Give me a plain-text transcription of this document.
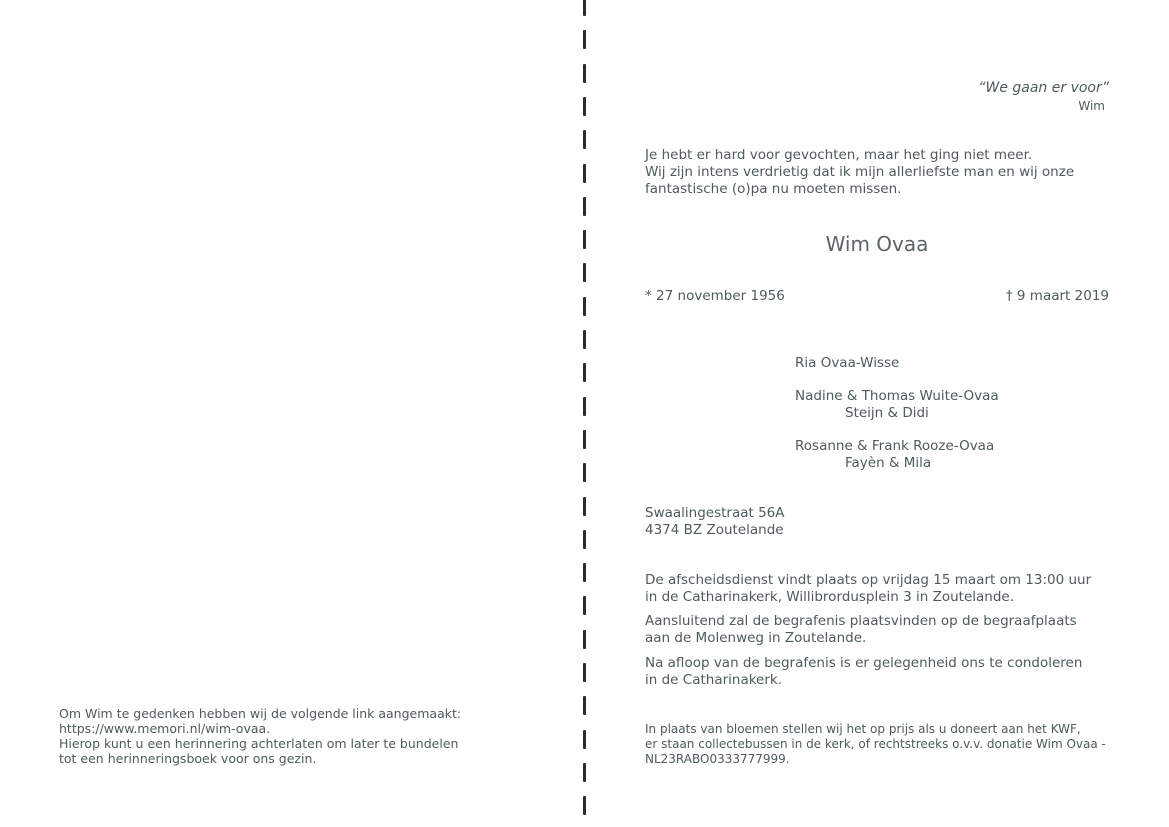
Om Wim te gedenken hebben wij de volgende link aangemaakt:
https://www.memori.nl/wim-ovaa.
Hierop kunt u een herinnering achterlaten om later te bundelen
tot een herinneringsboek voor ons gezin.
“We gaan er voor”
Wim
Je hebt er hard voor gevochten, maar het ging niet meer.
Wij zijn intens verdrietig dat ik mijn allerliefste man en wij onze
fantastische (o)pa nu moeten missen.
Wim Ovaa
* 27 november 1956	† 9 maart 2019
Ria Ovaa-Wisse
Nadine & Thomas Wuite-Ovaa
Steijn & Didi
Rosanne & Frank Rooze-Ovaa
Fayèn & Mila
Swaalingestraat 56A
4374 BZ Zoutelande
De afscheidsdienst vindt plaats op vrijdag 15 maart om 13:00 uur
in de Catharinakerk, Willibrordusplein 3 in Zoutelande.
Aansluitend zal de begrafenis plaatsvinden op de begraafplaats
aan de Molenweg in Zoutelande.
Na afloop van de begrafenis is er gelegenheid ons te condoleren
in de Catharinakerk.
In plaats van bloemen stellen wij het op prijs als u doneert aan het KWF,
er staan collectebussen in de kerk, of rechtstreeks o.v.v. donatie Wim Ovaa -
NL23RABO0333777999.
